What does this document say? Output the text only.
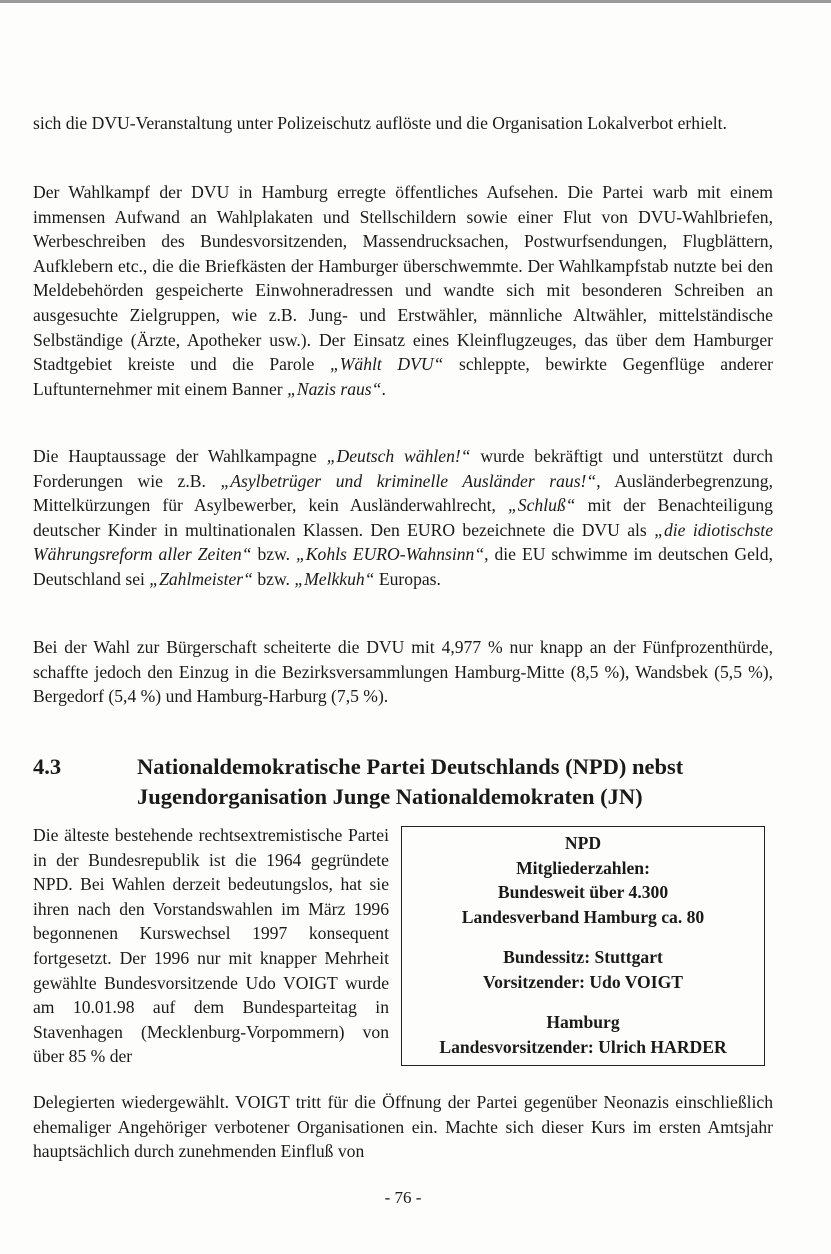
sich die DVU-Veranstaltung unter Polizeischutz auflöste und die Organisation Lokalverbot erhielt.

Der Wahlkampf der DVU in Hamburg erregte öffentliches Aufsehen. Die Partei warb mit einem immensen Aufwand an Wahlplakaten und Stellschildern sowie einer Flut von DVU-Wahlbriefen, Werbeschreiben des Bundesvorsitzenden, Massendrucksachen, Postwurfsendungen, Flugblättern, Aufklebern etc., die die Briefkästen der Hamburger überschwemmte. Der Wahlkampfstab nutzte bei den Meldebehörden gespeicherte Einwohneradressen und wandte sich mit besonderen Schreiben an ausgesuchte Zielgruppen, wie z.B. Jung- und Erstwähler, männliche Altwähler, mittelständische Selbständige (Ärzte, Apotheker usw.). Der Einsatz eines Kleinflugzeuges, das über dem Hamburger Stadtgebiet kreiste und die Parole „Wählt DVU“ schleppte, bewirkte Gegenflüge anderer Luftunternehmer mit einem Banner „Nazis raus“.

Die Hauptaussage der Wahlkampagne „Deutsch wählen!“ wurde bekräftigt und unterstützt durch Forderungen wie z.B. „Asylbetrüger und kriminelle Ausländer raus!“, Ausländerbegrenzung, Mittelkürzungen für Asylbewerber, kein Ausländerwahlrecht, „Schluß“ mit der Benachteiligung deutscher Kinder in multinationalen Klassen. Den EURO bezeichnete die DVU als „die idiotischste Währungsreform aller Zeiten“ bzw. „Kohls EURO-Wahnsinn“, die EU schwimme im deutschen Geld, Deutschland sei „Zahlmeister“ bzw. „Melkkuh“ Europas.

Bei der Wahl zur Bürgerschaft scheiterte die DVU mit 4,977 % nur knapp an der Fünfprozenthürde, schaffte jedoch den Einzug in die Bezirksversammlungen Hamburg-Mitte (8,5 %), Wandsbek (5,5 %), Bergedorf (5,4 %) und Hamburg-Harburg (7,5 %).

4.3	Nationaldemokratische Partei Deutschlands (NPD) nebst
Jugendorganisation Junge Nationaldemokraten (JN)

Die älteste bestehende rechtsextremistische Partei in der Bundesrepublik ist die 1964 gegründete NPD. Bei Wahlen derzeit bedeutungslos, hat sie ihren nach den Vorstandswahlen im März 1996 begonnenen Kurswechsel 1997 konsequent fortgesetzt. Der 1996 nur mit knapper Mehrheit gewählte Bundesvorsitzende Udo VOIGT wurde am 10.01.98 auf dem Bundesparteitag in Stavenhagen (Mecklenburg-Vorpommern) von über 85 % der

NPD
Mitgliederzahlen:
Bundesweit über 4.300
Landesverband Hamburg ca. 80
Bundessitz: Stuttgart
Vorsitzender: Udo VOIGT
Hamburg
Landesvorsitzender: Ulrich HARDER

Delegierten wiedergewählt. VOIGT tritt für die Öffnung der Partei gegenüber Neonazis einschließlich ehemaliger Angehöriger verbotener Organisationen ein. Machte sich dieser Kurs im ersten Amtsjahr hauptsächlich durch zunehmenden Einfluß von

- 76 -
